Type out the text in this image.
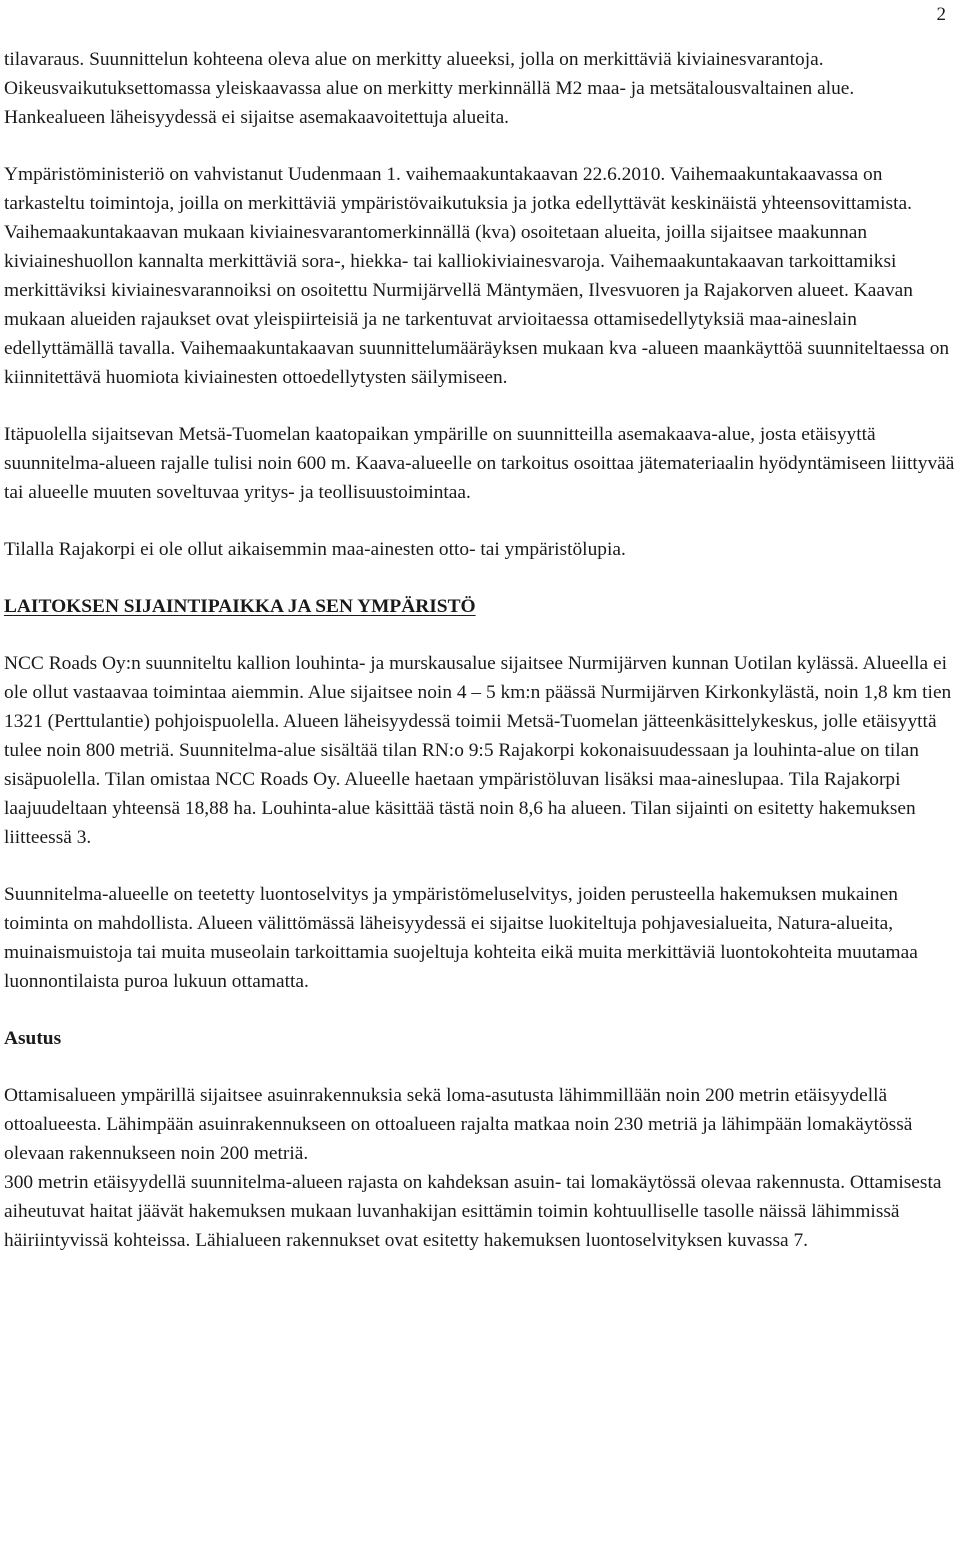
2

tilavaraus. Suunnittelun kohteena oleva alue on merkitty alueeksi, jolla on merkittäviä kiviainesvarantoja. Oikeusvaikutuksettomassa yleiskaavassa alue on merkitty merkinnällä M2 maa- ja metsätalousvaltainen alue. Hankealueen läheisyydessä ei sijaitse asemakaavoitettuja alueita.

Ympäristöministeriö on vahvistanut Uudenmaan 1. vaihemaakuntakaavan 22.6.2010. Vaihemaakuntakaavassa on tarkasteltu toimintoja, joilla on merkittäviä ympäristövaikutuksia ja jotka edellyttävät keskinäistä yhteensovittamista. Vaihemaakuntakaavan mukaan kiviainesvarantomerkinnällä (kva) osoitetaan alueita, joilla sijaitsee maakunnan kiviaineshuollon kannalta merkittäviä sora-, hiekka- tai kalliokiviainesvaroja. Vaihemaakuntakaavan tarkoittamiksi merkittäviksi kiviainesvarannoiksi on osoitettu Nurmijärvellä Mäntymäen, Ilvesvuoren ja Rajakorven alueet. Kaavan mukaan alueiden rajaukset ovat yleispiirteisiä ja ne tarkentuvat arvioitaessa ottamisedellytyksiä maa-aineslain edellyttämällä tavalla. Vaihemaakuntakaavan suunnittelumääräyksen mukaan kva -alueen maankäyttöä suunniteltaessa on kiinnitettävä huomiota kiviainesten ottoedellytysten säilymiseen.

Itäpuolella sijaitsevan Metsä-Tuomelan kaatopaikan ympärille on suunnitteilla asemakaava-alue, josta etäisyyttä suunnitelma-alueen rajalle tulisi noin 600 m. Kaava-alueelle on tarkoitus osoittaa jätemateriaalin hyödyntämiseen liittyvää tai alueelle muuten soveltuvaa yritys- ja teollisuustoimintaa.

Tilalla Rajakorpi ei ole ollut aikaisemmin maa-ainesten otto- tai ympäristölupia.

LAITOKSEN SIJAINTIPAIKKA JA SEN YMPÄRISTÖ

NCC Roads Oy:n suunniteltu kallion louhinta- ja murskausalue sijaitsee Nurmijärven kunnan Uotilan kylässä. Alueella ei ole ollut vastaavaa toimintaa aiemmin. Alue sijaitsee noin 4 – 5 km:n päässä Nurmijärven Kirkonkylästä, noin 1,8 km tien 1321 (Perttulantie) pohjoispuolella. Alueen läheisyydessä toimii Metsä-Tuomelan jätteenkäsittelykeskus, jolle etäisyyttä tulee noin 800 metriä. Suunnitelma-alue sisältää tilan RN:o 9:5 Rajakorpi kokonaisuudessaan ja louhinta-alue on tilan sisäpuolella. Tilan omistaa NCC Roads Oy. Alueelle haetaan ympäristöluvan lisäksi maa-aineslupaa. Tila Rajakorpi laajuudeltaan yhteensä 18,88 ha. Louhinta-alue käsittää tästä noin 8,6 ha alueen. Tilan sijainti on esitetty hakemuksen liitteessä 3.

Suunnitelma-alueelle on teetetty luontoselvitys ja ympäristömeluselvitys, joiden perusteella hakemuksen mukainen toiminta on mahdollista. Alueen välittömässä läheisyydessä ei sijaitse luokiteltuja pohjavesialueita, Natura-alueita, muinaismuistoja tai muita museolain tarkoittamia suojeltuja kohteita eikä muita merkittäviä luontokohteita muutamaa luonnontilaista puroa lukuun ottamatta.

Asutus

Ottamisalueen ympärillä sijaitsee asuinrakennuksia sekä loma-asutusta lähimmillään noin 200 metrin etäisyydellä ottoalueesta. Lähimpään asuinrakennukseen on ottoalueen rajalta matkaa noin 230 metriä ja lähimpään lomakäytössä olevaan rakennukseen noin 200 metriä.

300 metrin etäisyydellä suunnitelma-alueen rajasta on kahdeksan asuin- tai lomakäytössä olevaa rakennusta. Ottamisesta aiheutuvat haitat jäävät hakemuksen mukaan luvanhakijan esittämin toimin kohtuulliselle tasolle näissä lähimmissä häiriintyvissä kohteissa. Lähialueen rakennukset ovat esitetty hakemuksen luontoselvityksen kuvassa 7.
